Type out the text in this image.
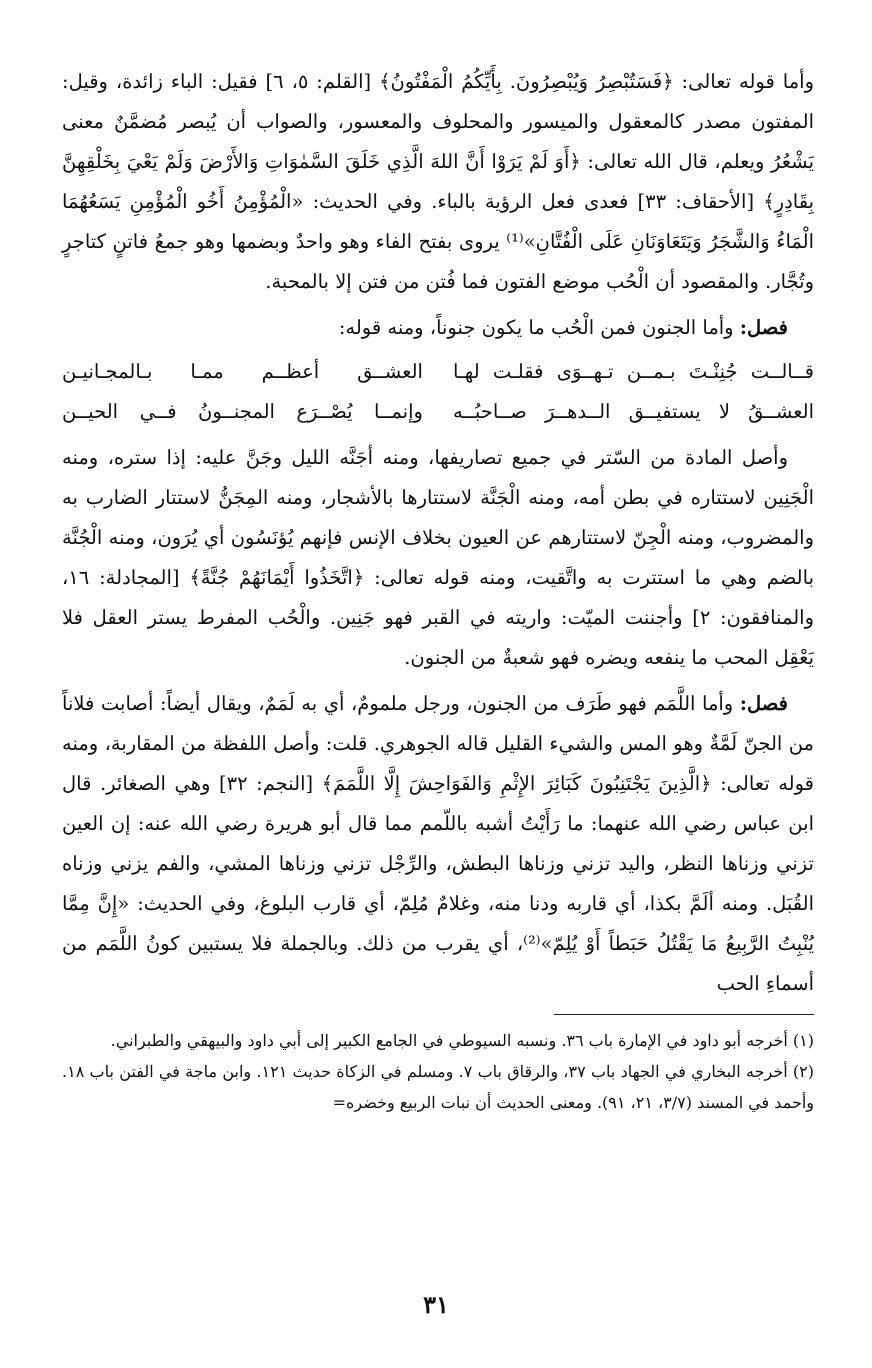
وأما قوله تعالى: ﴿فَسَتُبْصِرُ وَيُبْصِرُونَ. بِأَيِّكُمُ الْمَفْتُونُ﴾ [القلم: ٥، ٦] فقيل: الباء زائدة، وقيل: المفتون مصدر كالمعقول والميسور والمحلوف والمعسور، والصواب أن يُبصر مُضمَّنٌ معنى يَشْعُرُ ويعلم، قال الله تعالى: ﴿أَوَ لَمْ يَرَوْا أَنَّ اللهَ الَّذِي خَلَقَ السَّمٰوَاتِ وَالأَرْضَ وَلَمْ يَعْيَ بِخَلْقِهِنَّ بِقَادِرٍ﴾ [الأحقاف: ٣٣] فعدى فعل الرؤية بالباء. وفي الحديث: «الْمُؤْمِنُ أَخُو الْمُؤْمِنِ يَسَعُهُمَا الْمَاءُ وَالشَّجَرُ وَيَتَعَاوَنَانِ عَلَى الْفُتَّانِ»⁽¹⁾ يروى بفتح الفاء وهو واحدٌ وبضمها وهو جمعُ فاتنٍ كتاجرٍ وتُجَّار. والمقصود أن الْحُب موضع الفتون فما فُتن من فتن إلا بالمحبة.

فصل: وأما الجنون فمن الْحُب ما يكون جنوناً، ومنه قوله:

قــالــت جُنِنْـتَ بـمــن تـهــوَى فقلـت لهـا
العشــق أعظــم ممـا بـالمجـانيـن
العشــقُ لا يستفيــق الــدهــرَ صــاحبُــه
وإنمــا يُصْــرَع المجنــونُ فــي الحيــن

وأصل المادة من السّتر في جميع تصاريفها، ومنه أجَنَّه الليل وجَنَّ عليه: إذا ستره، ومنه الْجَنِين لاستتاره في بطن أمه، ومنه الْجَنَّة لاستتارها بالأشجار، ومنه المِجَنُّ لاستتار الضارب به والمضروب، ومنه الْجِنّ لاستتارهم عن العيون بخلاف الإنس فإنهم يُؤنَسُون أي يُرَون، ومنه الْجُنَّة بالضم وهي ما استترت به واتَّقيت، ومنه قوله تعالى: ﴿اتَّخَذُوا أَيْمَانَهُمْ جُنَّةً﴾ [المجادلة: ١٦، والمنافقون: ٢] وأجننت الميّت: واريته في القبر فهو جَنِين. والْحُب المفرط يستر العقل فلا يَعْقِل المحب ما ينفعه ويضره فهو شعبةٌ من الجنون.

فصل: وأما اللَّمَم فهو طَرَف من الجنون، ورجل ملمومٌ، أي به لَمَمٌ، ويقال أيضاً: أصابت فلاناً من الجنّ لَمَّةٌ وهو المس والشيء القليل قاله الجوهري. قلت: وأصل اللفظة من المقاربة، ومنه قوله تعالى: ﴿الَّذِينَ يَجْتَنِبُونَ كَبَائِرَ الإِثْمِ وَالفَوَاحِشَ إِلَّا اللَّمَمَ﴾ [النجم: ٣٢] وهي الصغائر. قال ابن عباس رضي الله عنهما: ما رَأَيْتُ أشبه باللّمم مما قال أبو هريرة رضي الله عنه: إن العين تزني وزناها النظر، واليد تزني وزناها البطش، والرِّجْل تزني وزناها المشي، والفم يزني وزناه القُبَل. ومنه ألَمَّ بكذا، أي قاربه ودنا منه، وغلامٌ مُلِمّ، أي قارب البلوغ، وفي الحديث: «إِنَّ مِمَّا يُنْبِتُ الرَّبِيعُ مَا يَقْتُلُ حَبَطاً أَوْ يُلِمّ»⁽²⁾، أي يقرب من ذلك. وبالجملة فلا يستبين كونُ اللَّمَم من أسماءِ الحب

(١) أخرجه أبو داود في الإمارة باب ٣٦. ونسبه السيوطي في الجامع الكبير إلى أبي داود والبيهقي والطبراني.

(٢) أخرجه البخاري في الجهاد باب ٣٧، والرقاق باب ٧. ومسلم في الزكاة حديث ١٢١. وابن ماجة في الفتن باب ١٨. وأحمد في المسند (٣/٧، ٢١، ٩١). ومعنى الحديث أن نبات الربيع وخضره=

٣١
